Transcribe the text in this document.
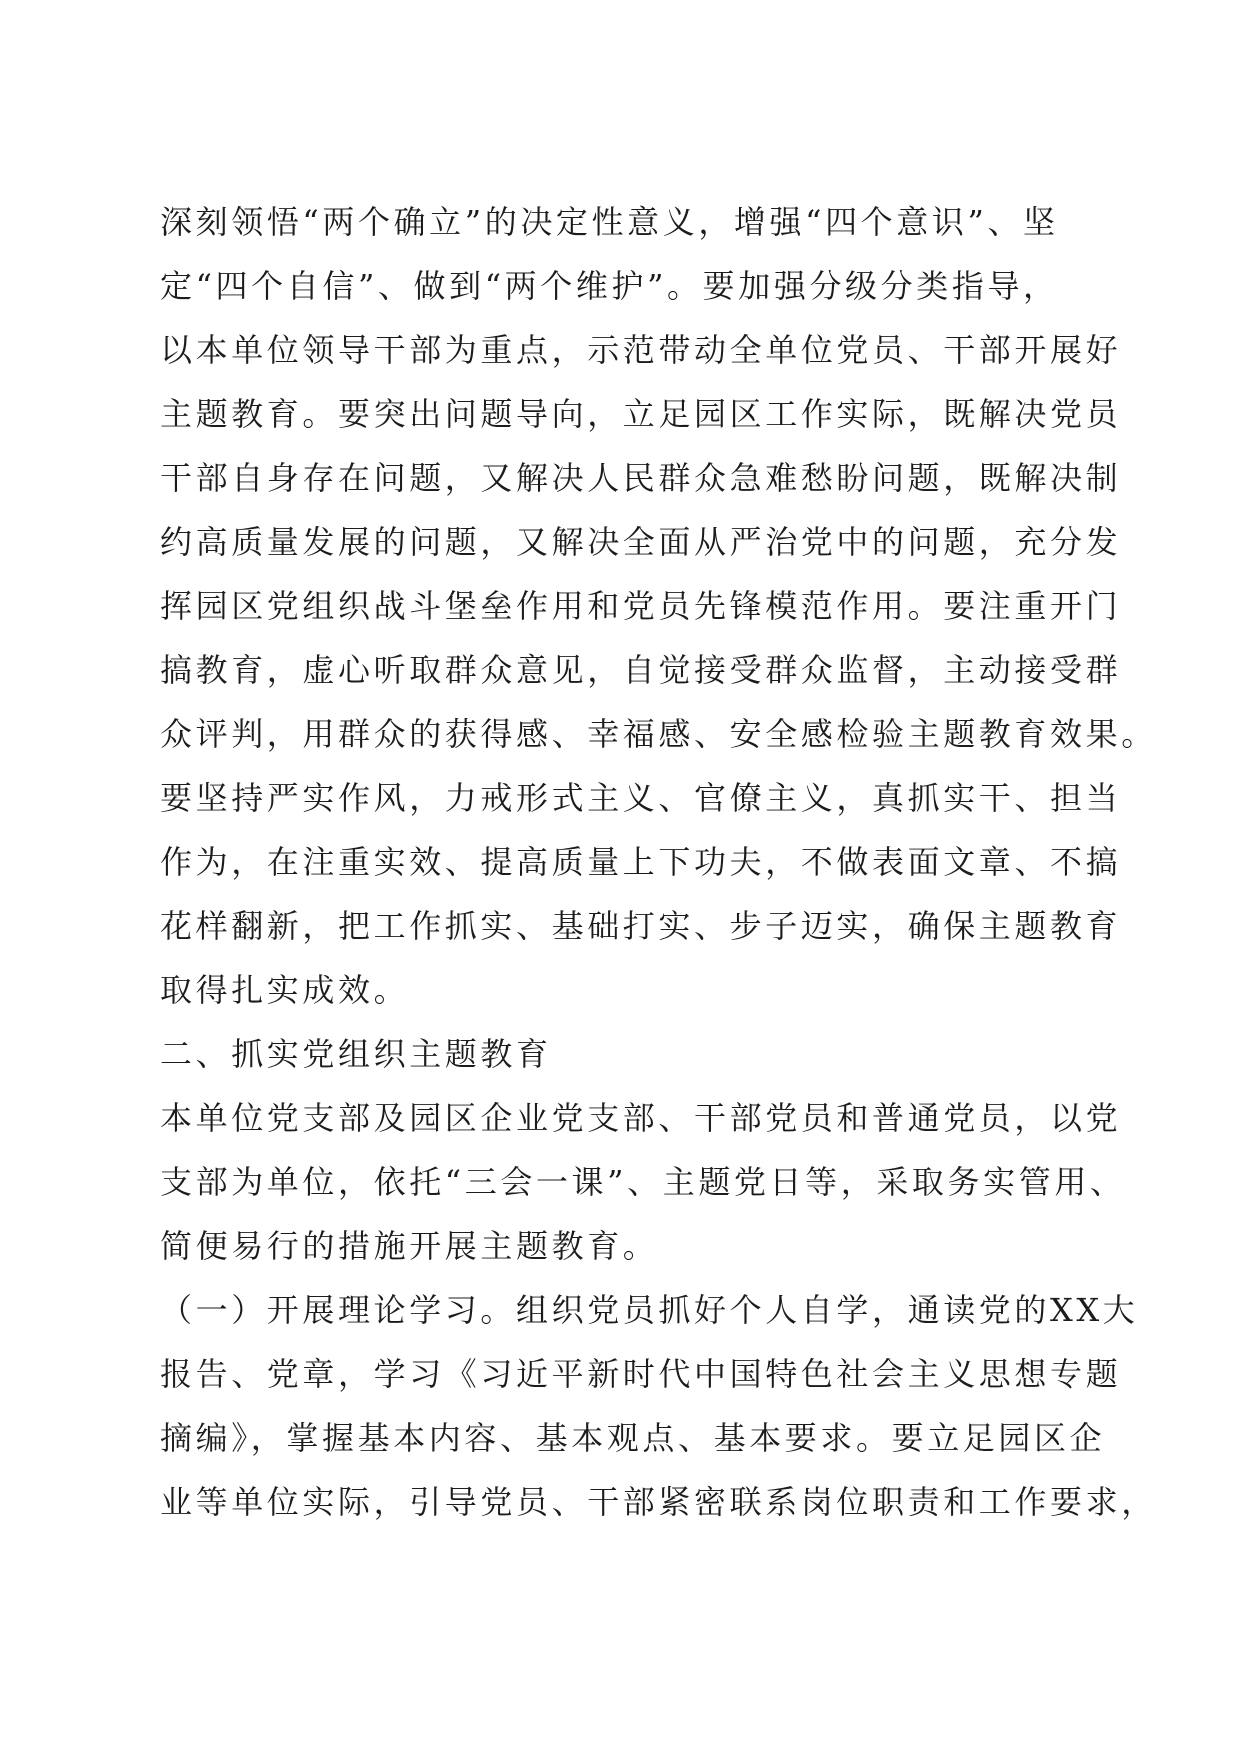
深刻领悟“两个确立”的决定性意义，增强“四个意识”、坚
定“四个自信”、做到“两个维护”。要加强分级分类指导，
以本单位领导干部为重点，示范带动全单位党员、干部开展好
主题教育。要突出问题导向，立足园区工作实际，既解决党员
干部自身存在问题，又解决人民群众急难愁盼问题，既解决制
约高质量发展的问题，又解决全面从严治党中的问题，充分发
挥园区党组织战斗堡垒作用和党员先锋模范作用。要注重开门
搞教育，虚心听取群众意见，自觉接受群众监督，主动接受群
众评判，用群众的获得感、幸福感、安全感检验主题教育效果。
要坚持严实作风，力戒形式主义、官僚主义，真抓实干、担当
作为，在注重实效、提高质量上下功夫，不做表面文章、不搞
花样翻新，把工作抓实、基础打实、步子迈实，确保主题教育
取得扎实成效。
二、抓实党组织主题教育
本单位党支部及园区企业党支部、干部党员和普通党员，以党
支部为单位，依托“三会一课”、主题党日等，采取务实管用、
简便易行的措施开展主题教育。
（一）开展理论学习。组织党员抓好个人自学，通读党的XX大
报告、党章，学习《习近平新时代中国特色社会主义思想专题
摘编》，掌握基本内容、基本观点、基本要求。要立足园区企
业等单位实际，引导党员、干部紧密联系岗位职责和工作要求，
